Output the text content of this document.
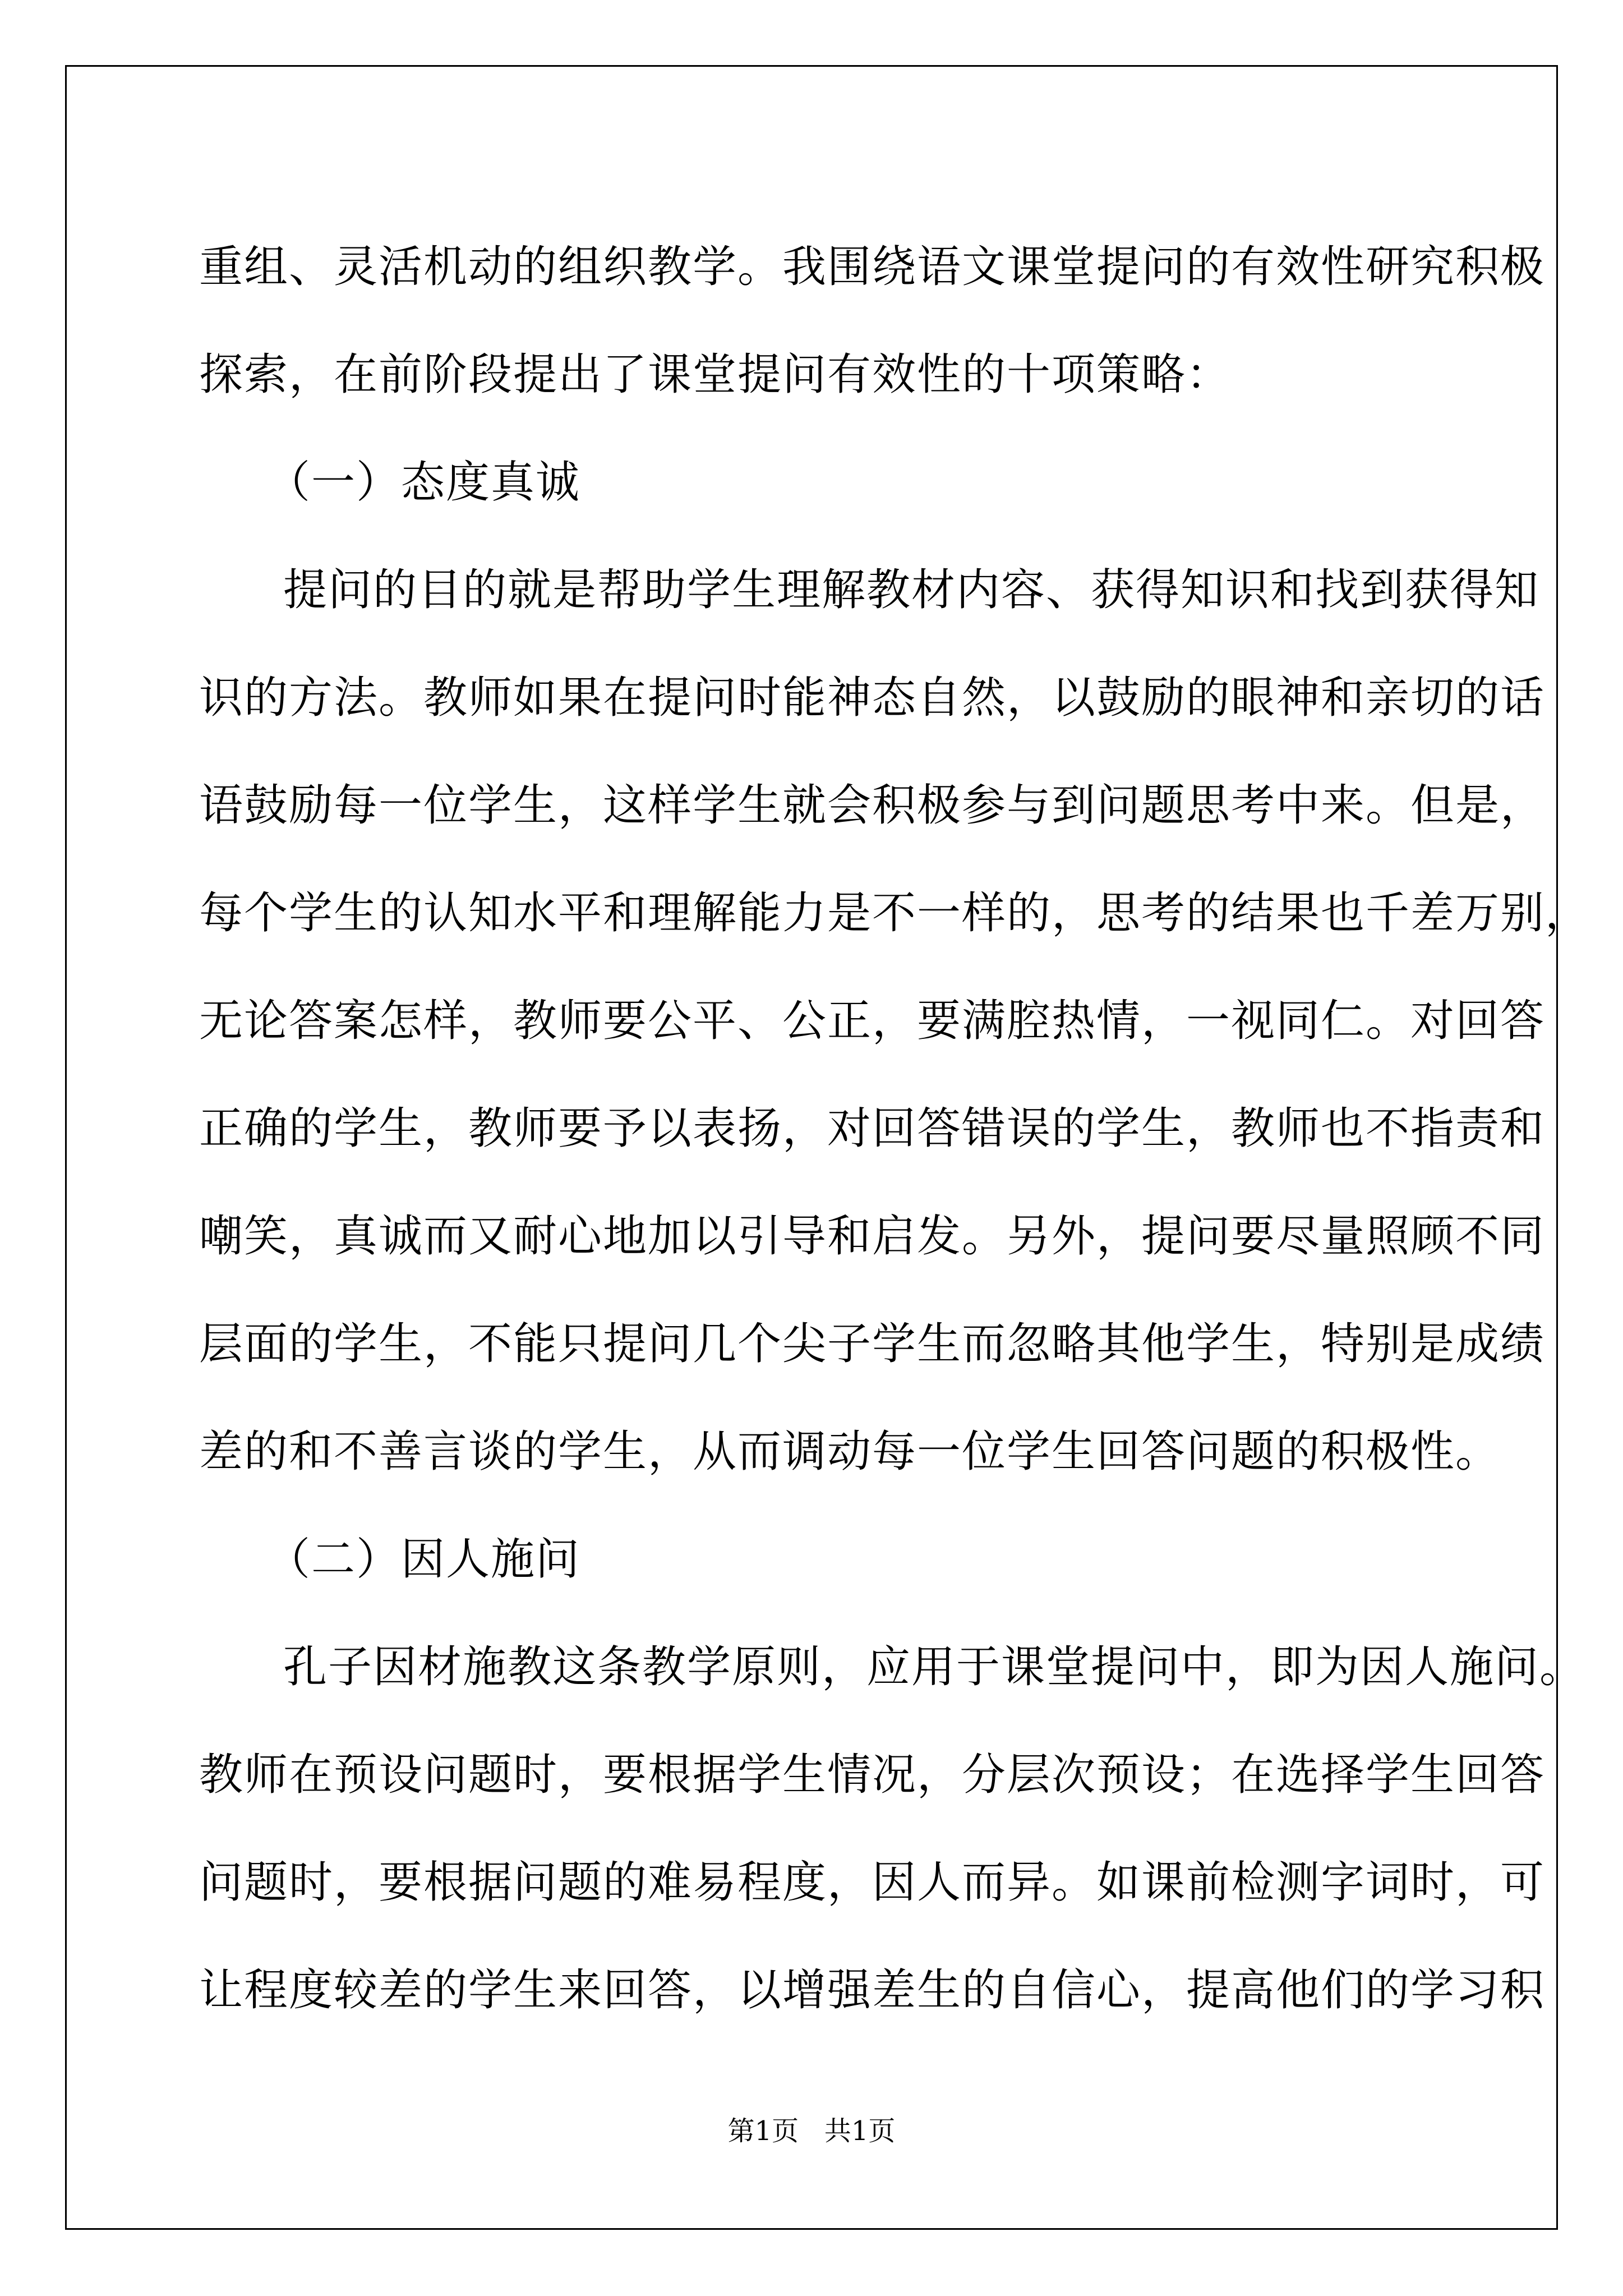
重组、灵活机动的组织教学。我围绕语文课堂提问的有效性研究积极
探索，在前阶段提出了课堂提问有效性的十项策略：
（一）态度真诚
提问的目的就是帮助学生理解教材内容、获得知识和找到获得知
识的方法。教师如果在提问时能神态自然，以鼓励的眼神和亲切的话
语鼓励每一位学生，这样学生就会积极参与到问题思考中来。但是，
每个学生的认知水平和理解能力是不一样的，思考的结果也千差万别，
无论答案怎样，教师要公平、公正，要满腔热情，一视同仁。对回答
正确的学生，教师要予以表扬，对回答错误的学生，教师也不指责和
嘲笑，真诚而又耐心地加以引导和启发。另外，提问要尽量照顾不同
层面的学生，不能只提问几个尖子学生而忽略其他学生，特别是成绩
差的和不善言谈的学生，从而调动每一位学生回答问题的积极性。
（二）因人施问
孔子因材施教这条教学原则，应用于课堂提问中，即为因人施问。
教师在预设问题时，要根据学生情况，分层次预设；在选择学生回答
问题时，要根据问题的难易程度，因人而异。如课前检测字词时，可
让程度较差的学生来回答，以增强差生的自信心，提高他们的学习积
第1页   共1页
